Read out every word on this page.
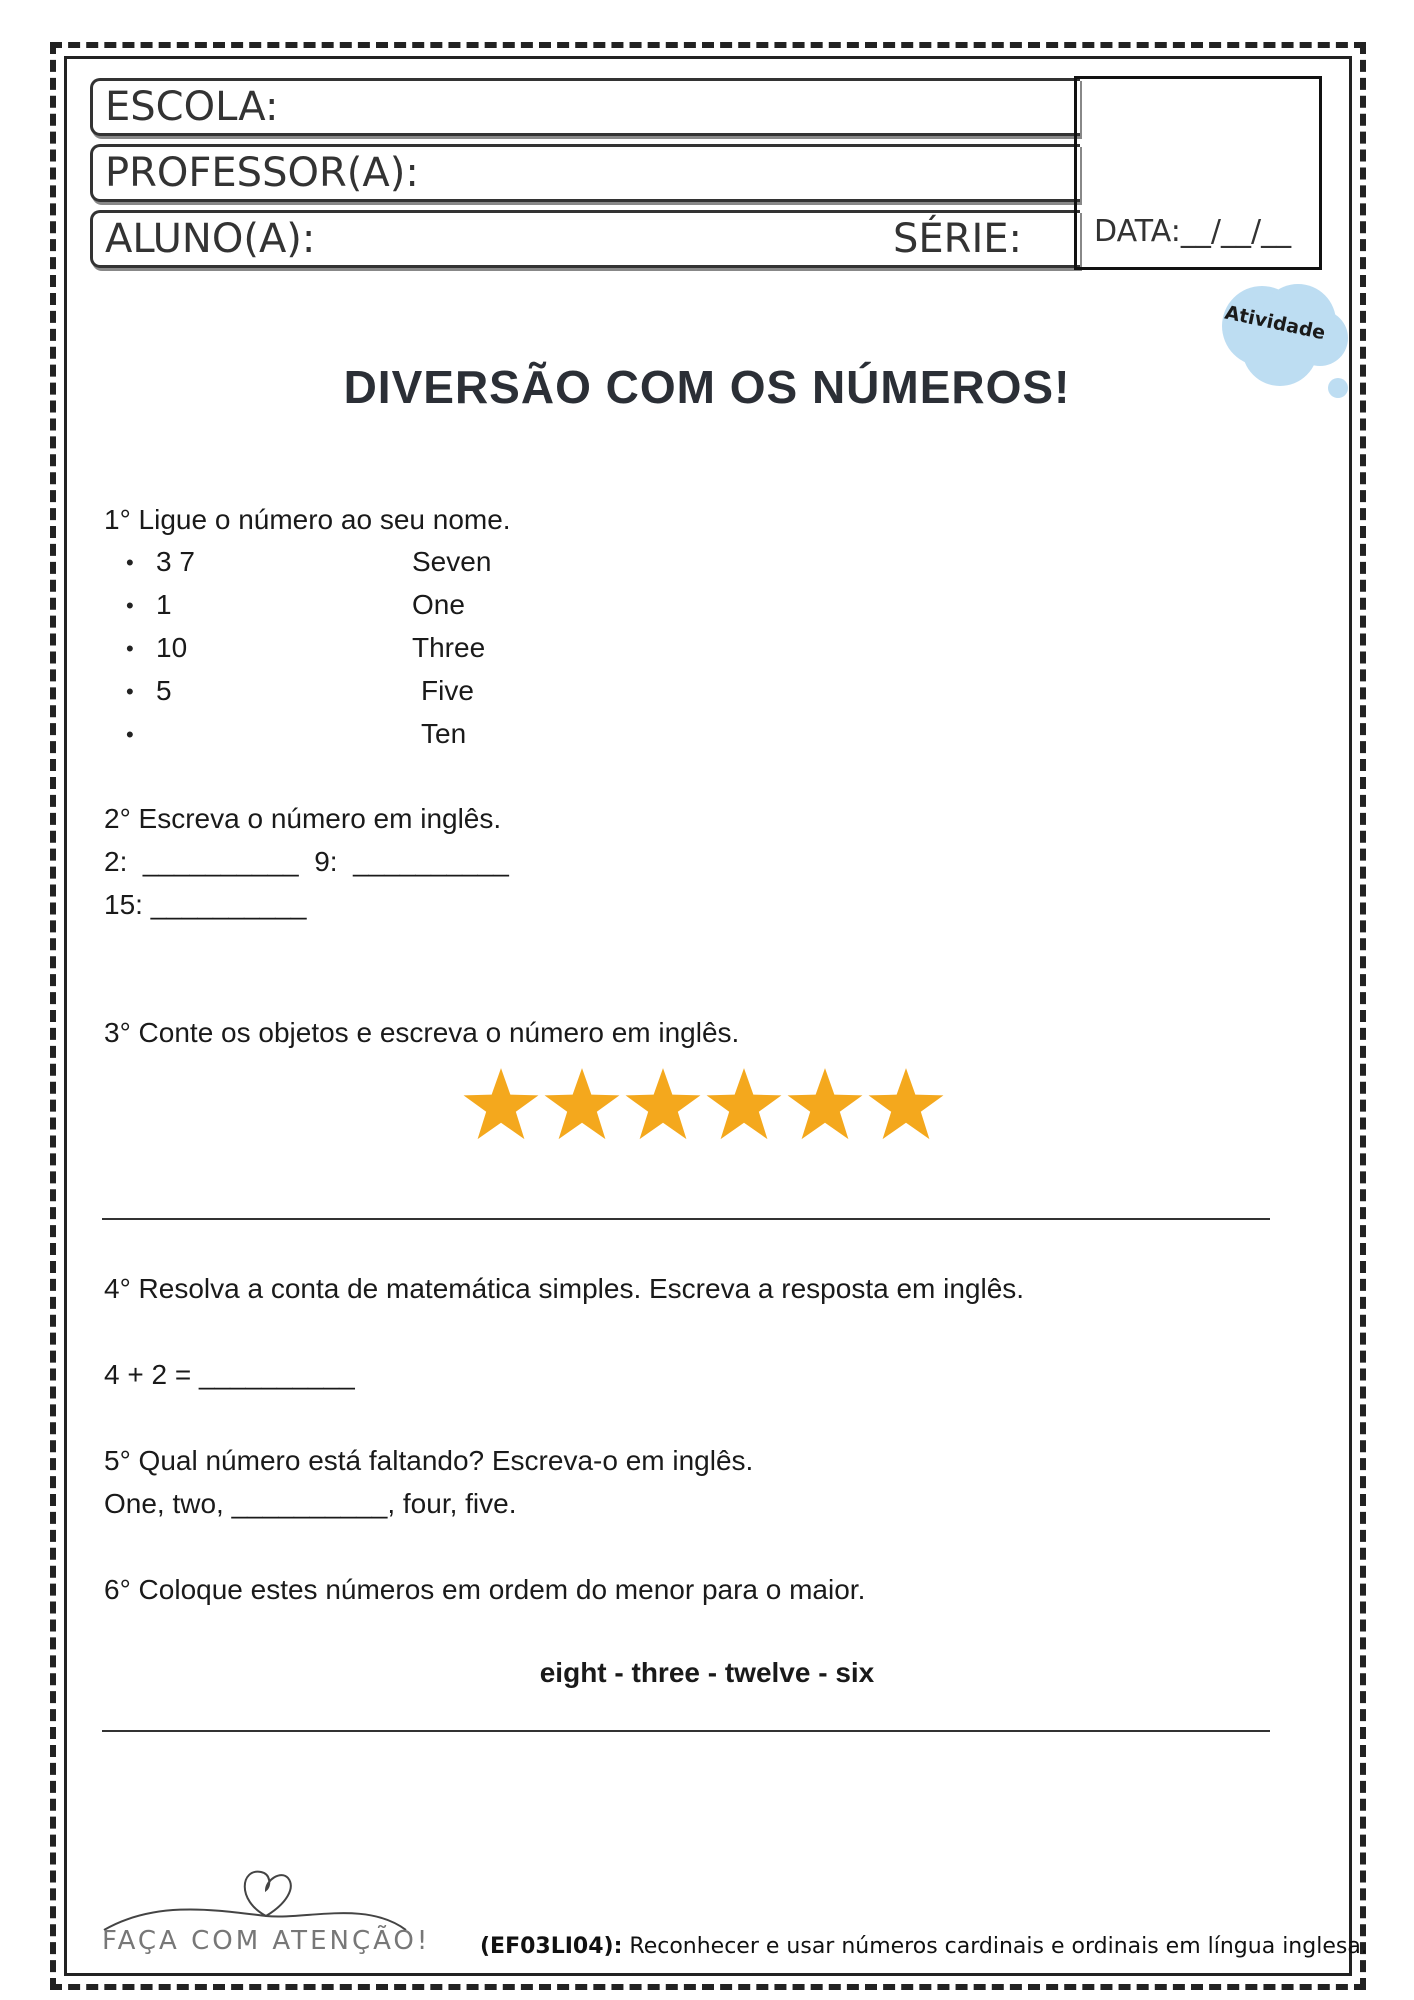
ESCOLA:
PROFESSOR(A):
ALUNO(A):	SÉRIE: DATA:__/__/__
Atividade
DIVERSÃO COM OS NÚMEROS!
1° Ligue o número ao seu nome.
• 3 7	Seven
• 1	One
• 10	Three
• 5	Five
•	Ten
2° Escreva o número em inglês.
2:  __________  9:  __________
15: __________
3° Conte os objetos e escreva o número em inglês.
4° Resolva a conta de matemática simples. Escreva a resposta em inglês.
4 + 2 = __________
5° Qual número está faltando? Escreva-o em inglês.
One, two, __________, four, five.
6° Coloque estes números em ordem do menor para o maior.
eight - three - twelve - six
FAÇA COM ATENÇÃO! (EF03LI04): Reconhecer e usar números cardinais e ordinais em língua inglesa.
